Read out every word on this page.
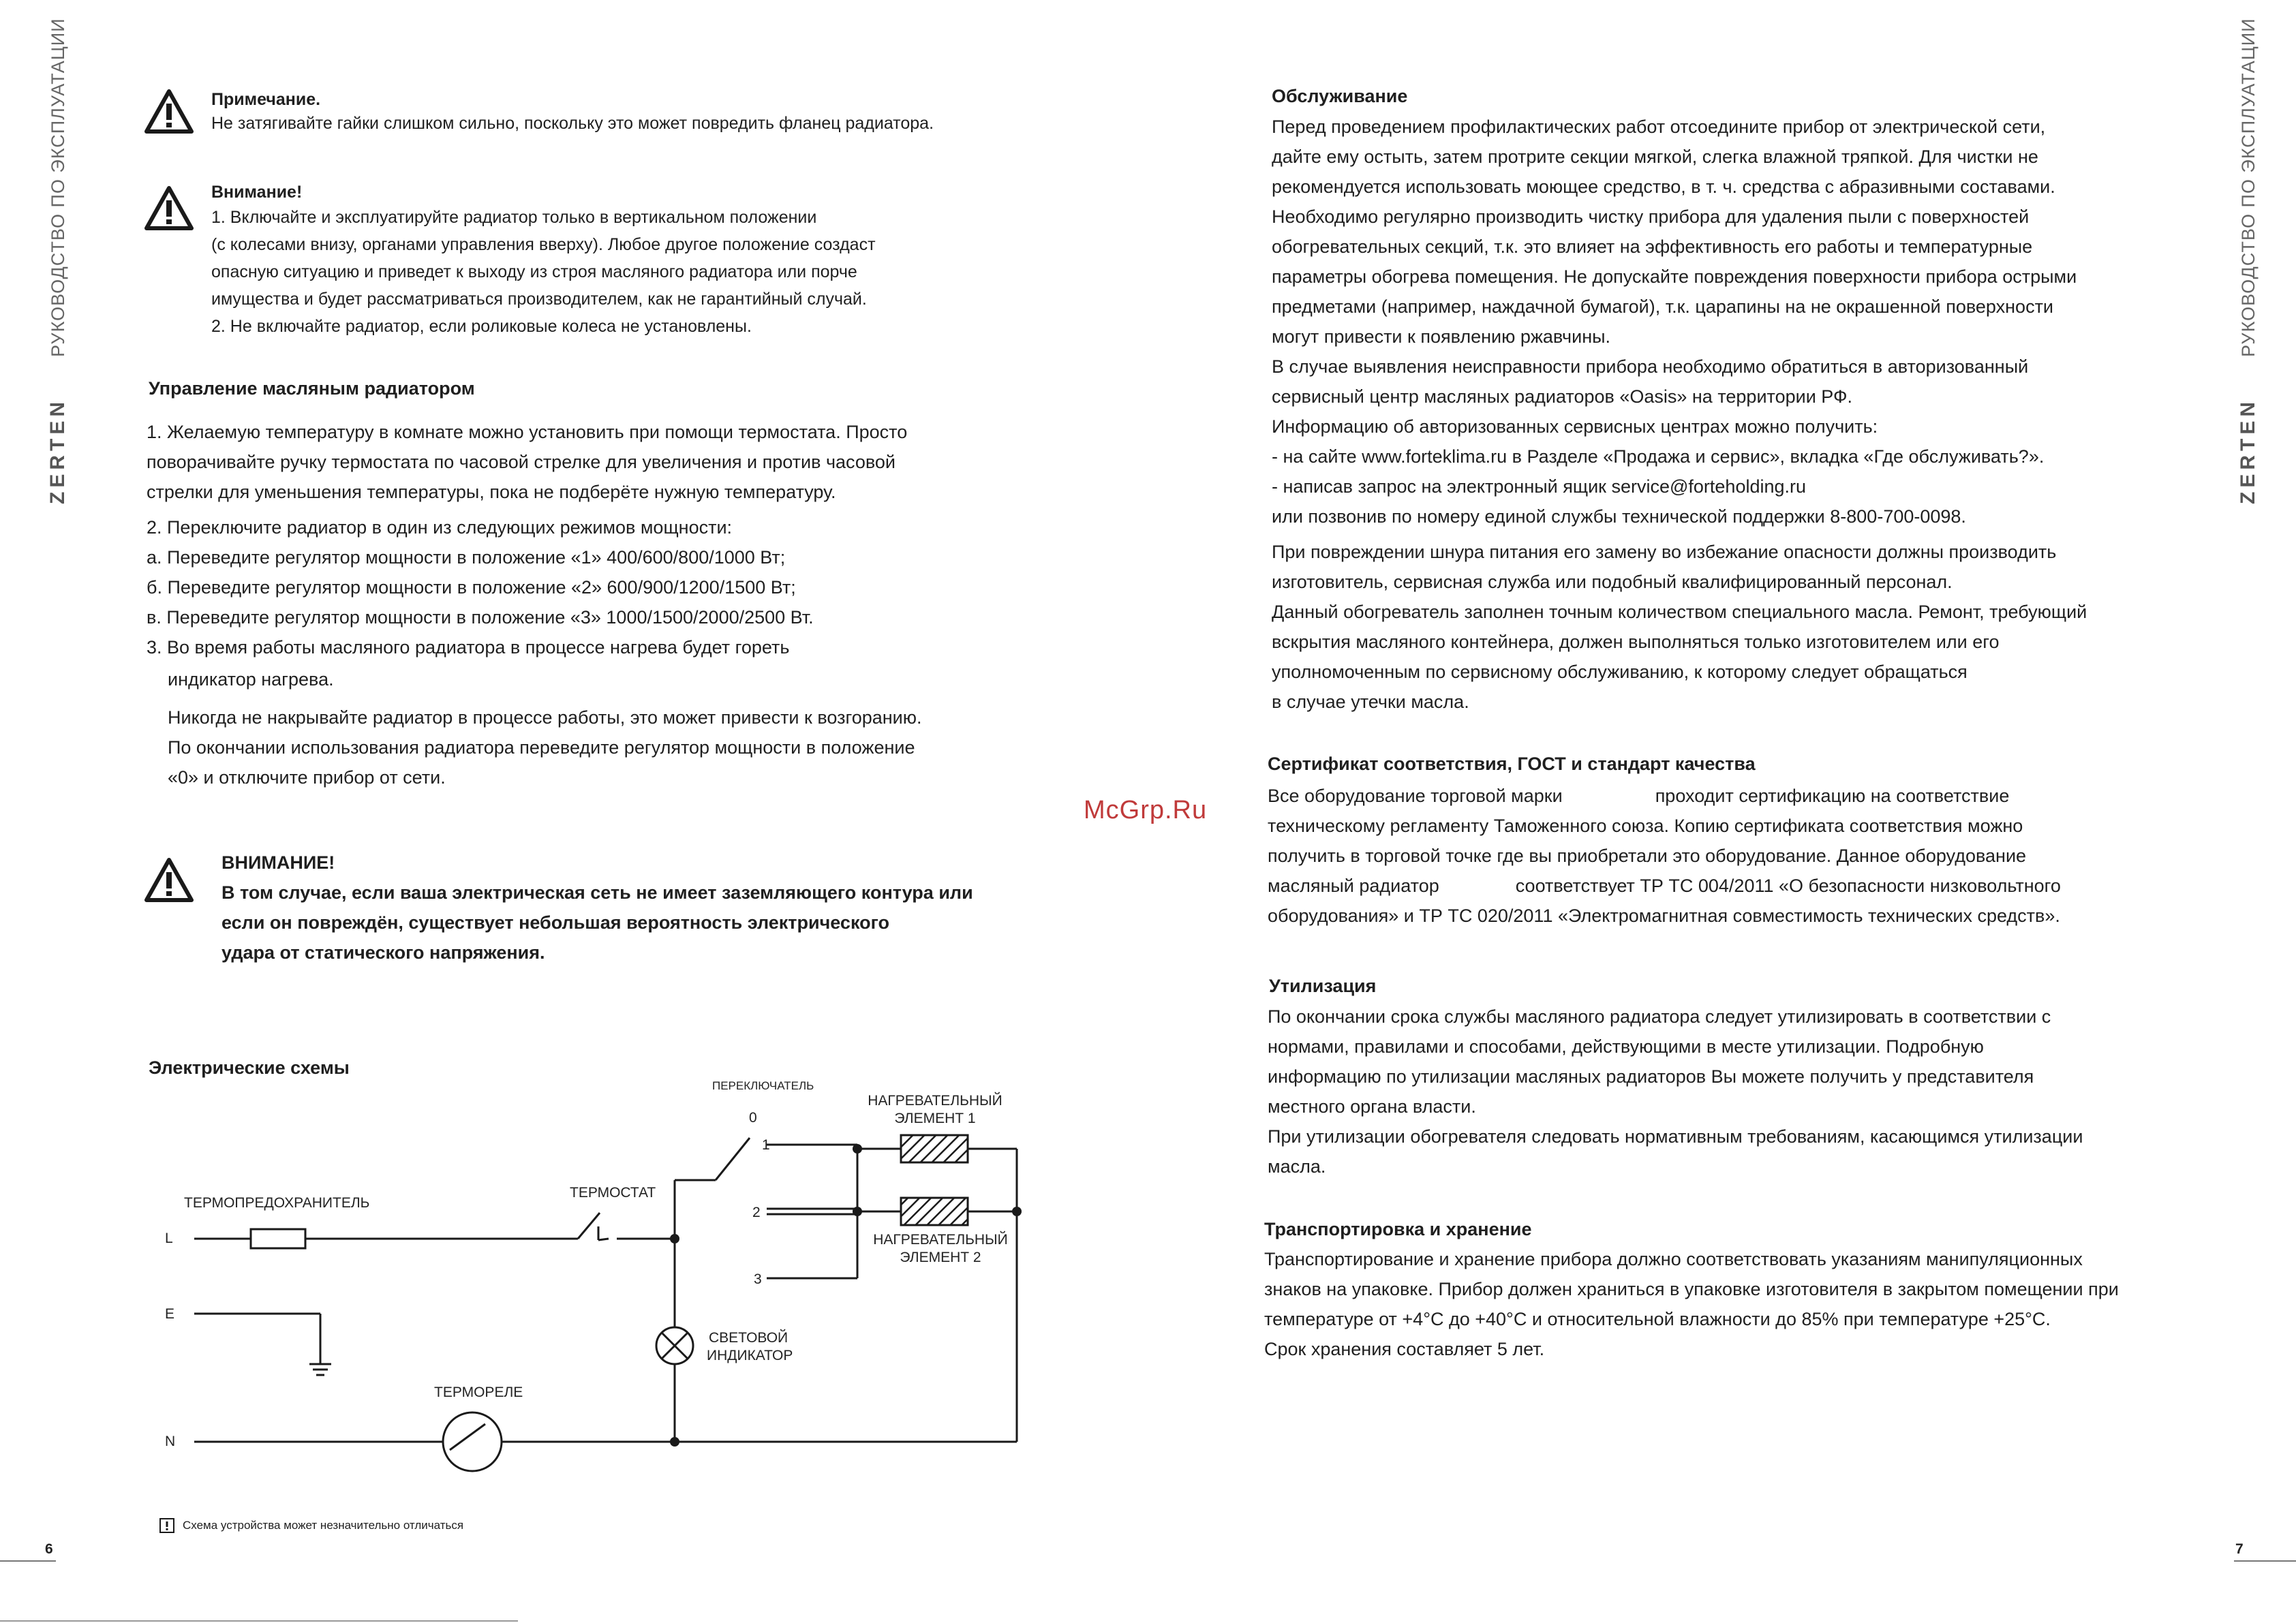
ZERTENРУКОВОДСТВО ПО ЭКСПЛУАТАЦИИ
ZERTENРУКОВОДСТВО ПО ЭКСПЛУАТАЦИИ
6	7
McGrp.Ru
Примечание.

Не затягивайте гайки слишком сильно, поскольку это может повредить фланец радиатора.

Внимание!

1. Включайте и эксплуатируйте радиатор только в вертикальном положении

(с колесами внизу, органами управления вверху). Любое другое положение создаст

опасную ситуацию и приведет к выходу из строя масляного радиатора или порче

имущества и будет рассматриваться производителем, как не гарантийный случай.

2. Не включайте радиатор, если роликовые колеса не установлены.

Управление масляным радиатором

1. Желаемую температуру в комнате можно установить при помощи термостата. Просто

поворачивайте ручку термостата по часовой стрелке для увеличения и против часовой

стрелки для уменьшения температуры, пока не подберёте нужную температуру.

2. Переключите радиатор в один из следующих режимов мощности:

а. Переведите регулятор мощности в положение «1» 400/600/800/1000 Вт;

б. Переведите регулятор мощности в положение «2» 600/900/1200/1500 Вт;

в. Переведите регулятор мощности в положение «3» 1000/1500/2000/2500 Вт.

3. Во время работы масляного радиатора в процессе нагрева будет гореть

индикатор нагрева.

Никогда не накрывайте радиатор в процессе работы, это может привести к возгоранию.

По окончании использования радиатора переведите регулятор мощности в положение

«0» и отключите прибор от сети.

ВНИМАНИЕ!

В том случае, если ваша электрическая сеть не имеет заземляющего контура или

если он повреждён, существует небольшая вероятность электрического

удара от статического напряжения.

Электрические схемы
ПЕРЕКЛЮЧАТЕЛЬ
НАГРЕВАТЕЛЬНЫЙ
ЭЛЕМЕНТ 1
НАГРЕВАТЕЛЬНЫЙ
ЭЛЕМЕНТ 2
ТЕРМОПРЕДОХРАНИТЕЛЬ
ТЕРМОСТАТ
СВЕТОВОЙ
ИНДИКАТОР
ТЕРМОРЕЛЕ
L
E
N
0
1
2
3
Схема устройства может незначительно отличаться
Обслуживание

Перед проведением профилактических работ отсоедините прибор от электрической сети,

дайте ему остыть, затем протрите секции мягкой, слегка влажной тряпкой. Для чистки не

рекомендуется использовать моющее средство, в т. ч. средства с абразивными составами.

Необходимо регулярно производить чистку прибора для удаления пыли с поверхностей

обогревательных секций, т.к. это влияет на эффективность его работы и температурные

параметры обогрева помещения. Не допускайте повреждения поверхности прибора острыми

предметами (например, наждачной бумагой), т.к. царапины на не окрашенной поверхности

могут привести к появлению ржавчины.

В случае выявления неисправности прибора необходимо обратиться в авторизованный

сервисный центр масляных радиаторов «Oasis» на территории РФ.

Информацию об авторизованных сервисных центрах можно получить:

- на сайте www.forteklima.ru в Разделе «Продажа и сервис», вкладка «Где обслуживать?».

- написав запрос на электронный ящик service@forteholding.ru

или позвонив по номеру единой службы технической поддержки 8-800-700-0098.

При повреждении шнура питания его замену во избежание опасности должны производить

изготовитель, сервисная служба или подобный квалифицированный персонал.

Данный обогреватель заполнен точным количеством специального масла. Ремонт, требующий

вскрытия масляного контейнера, должен выполняться только изготовителем или его

уполномоченным по сервисному обслуживанию, к которому следует обращаться

в случае утечки масла.

Сертификат соответствия, ГОСТ и стандарт качества

Все оборудование торговой марки	проходит сертификацию на соответствие

техническому регламенту Таможенного союза. Копию сертификата соответствия можно

получить в торговой точке где вы приобретали это оборудование. Данное оборудование

масляный радиатор	соответствует ТР ТС 004/2011 «О безопасности низковольтного

оборудования» и ТР ТС 020/2011 «Электромагнитная совместимость технических средств».

Утилизация

По окончании срока службы масляного радиатора следует утилизировать в соответствии с

нормами, правилами и способами, действующими в месте утилизации. Подробную

информацию по утилизации масляных радиаторов Вы можете получить у представителя

местного органа власти.

При утилизации обогревателя следовать нормативным требованиям, касающимся утилизации

масла.

Транспортировка и хранение

Транспортирование и хранение прибора должно соответствовать указаниям манипуляционных

знаков на упаковке. Прибор должен храниться в упаковке изготовителя в закрытом помещении при

температуре от +4°С до +40°С и относительной влажности до 85% при температуре +25°С.

Срок хранения составляет 5 лет.
